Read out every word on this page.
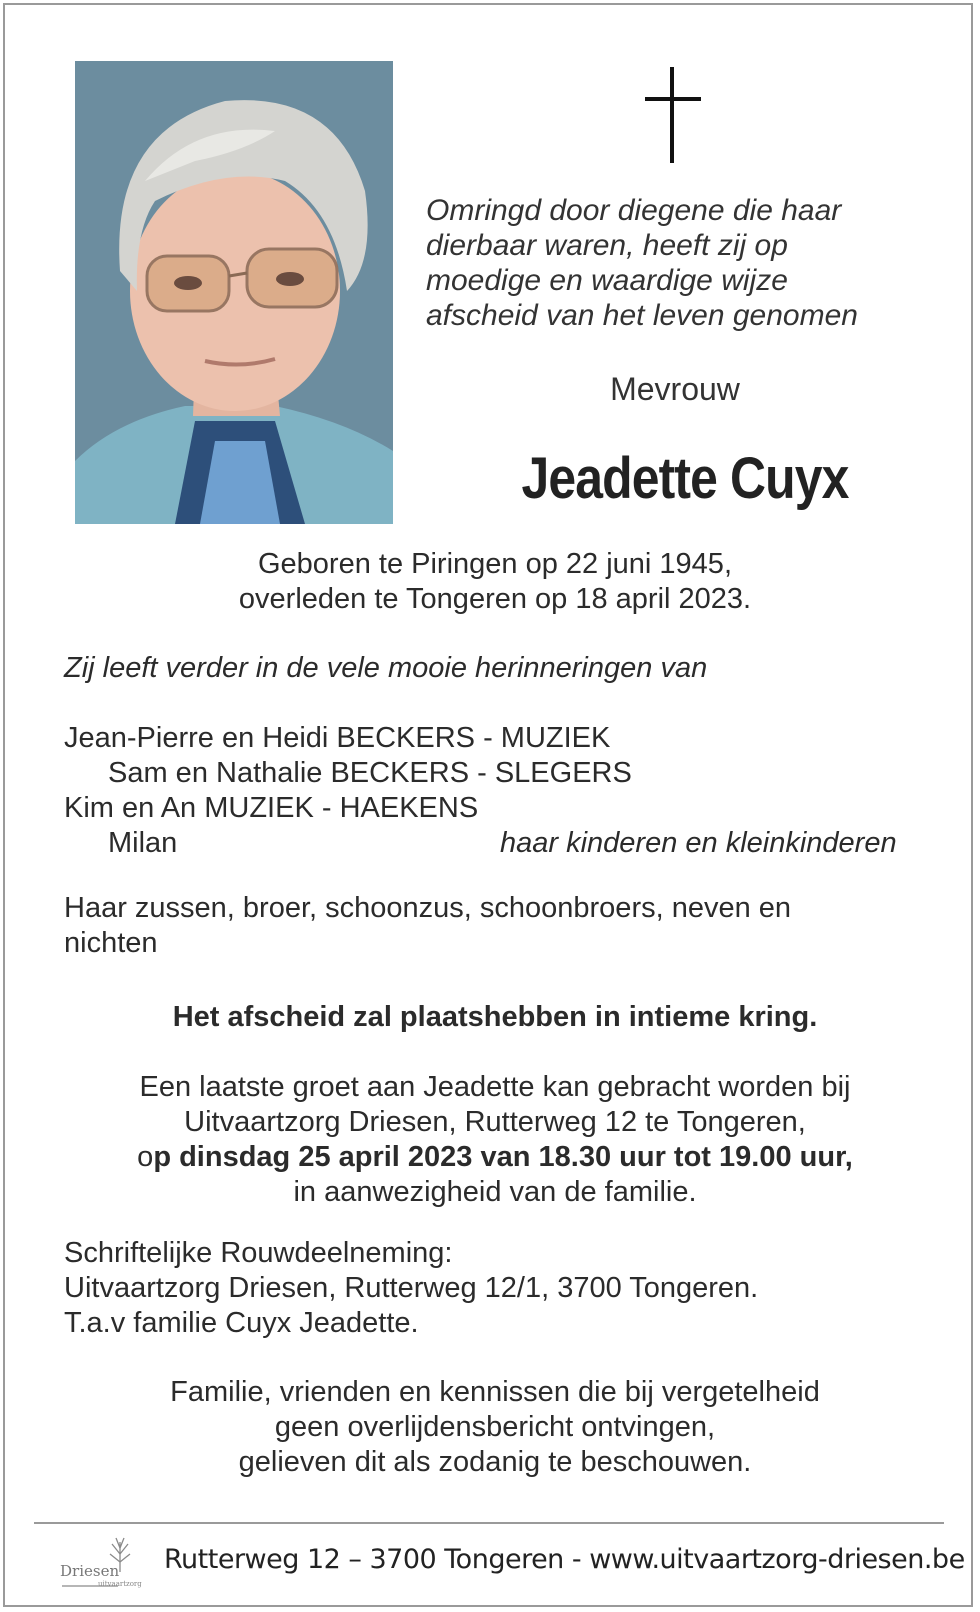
Omringd door diegene die haar
dierbaar waren, heeft zij op
moedige en waardige wijze
afscheid van het leven genomen
Mevrouw
Jeadette Cuyx
Geboren te Piringen op 22 juni 1945,
overleden te Tongeren op 18 april 2023.
Zij leeft verder in de vele mooie herinneringen van
Jean-Pierre en Heidi BECKERS - MUZIEK
Sam en Nathalie BECKERS - SLEGERS
Kim en An MUZIEK - HAEKENS
Milan	haar kinderen en kleinkinderen
Haar zussen, broer, schoonzus, schoonbroers, neven en
nichten
Het afscheid zal plaatshebben in intieme kring.
Een laatste groet aan Jeadette kan gebracht worden bij
Uitvaartzorg Driesen, Rutterweg 12 te Tongeren,
op dinsdag 25 april 2023 van 18.30 uur tot 19.00 uur,
in aanwezigheid van de familie.
Schriftelijke Rouwdeelneming:
Uitvaartzorg Driesen, Rutterweg 12/1, 3700 Tongeren.
T.a.v familie Cuyx Jeadette.
Familie, vrienden en kennissen die bij vergetelheid
geen overlijdensbericht ontvingen,
gelieven dit als zodanig te beschouwen.
Driesen
uitvaartzorg
Rutterweg 12 – 3700 Tongeren - www.uitvaartzorg-driesen.be
